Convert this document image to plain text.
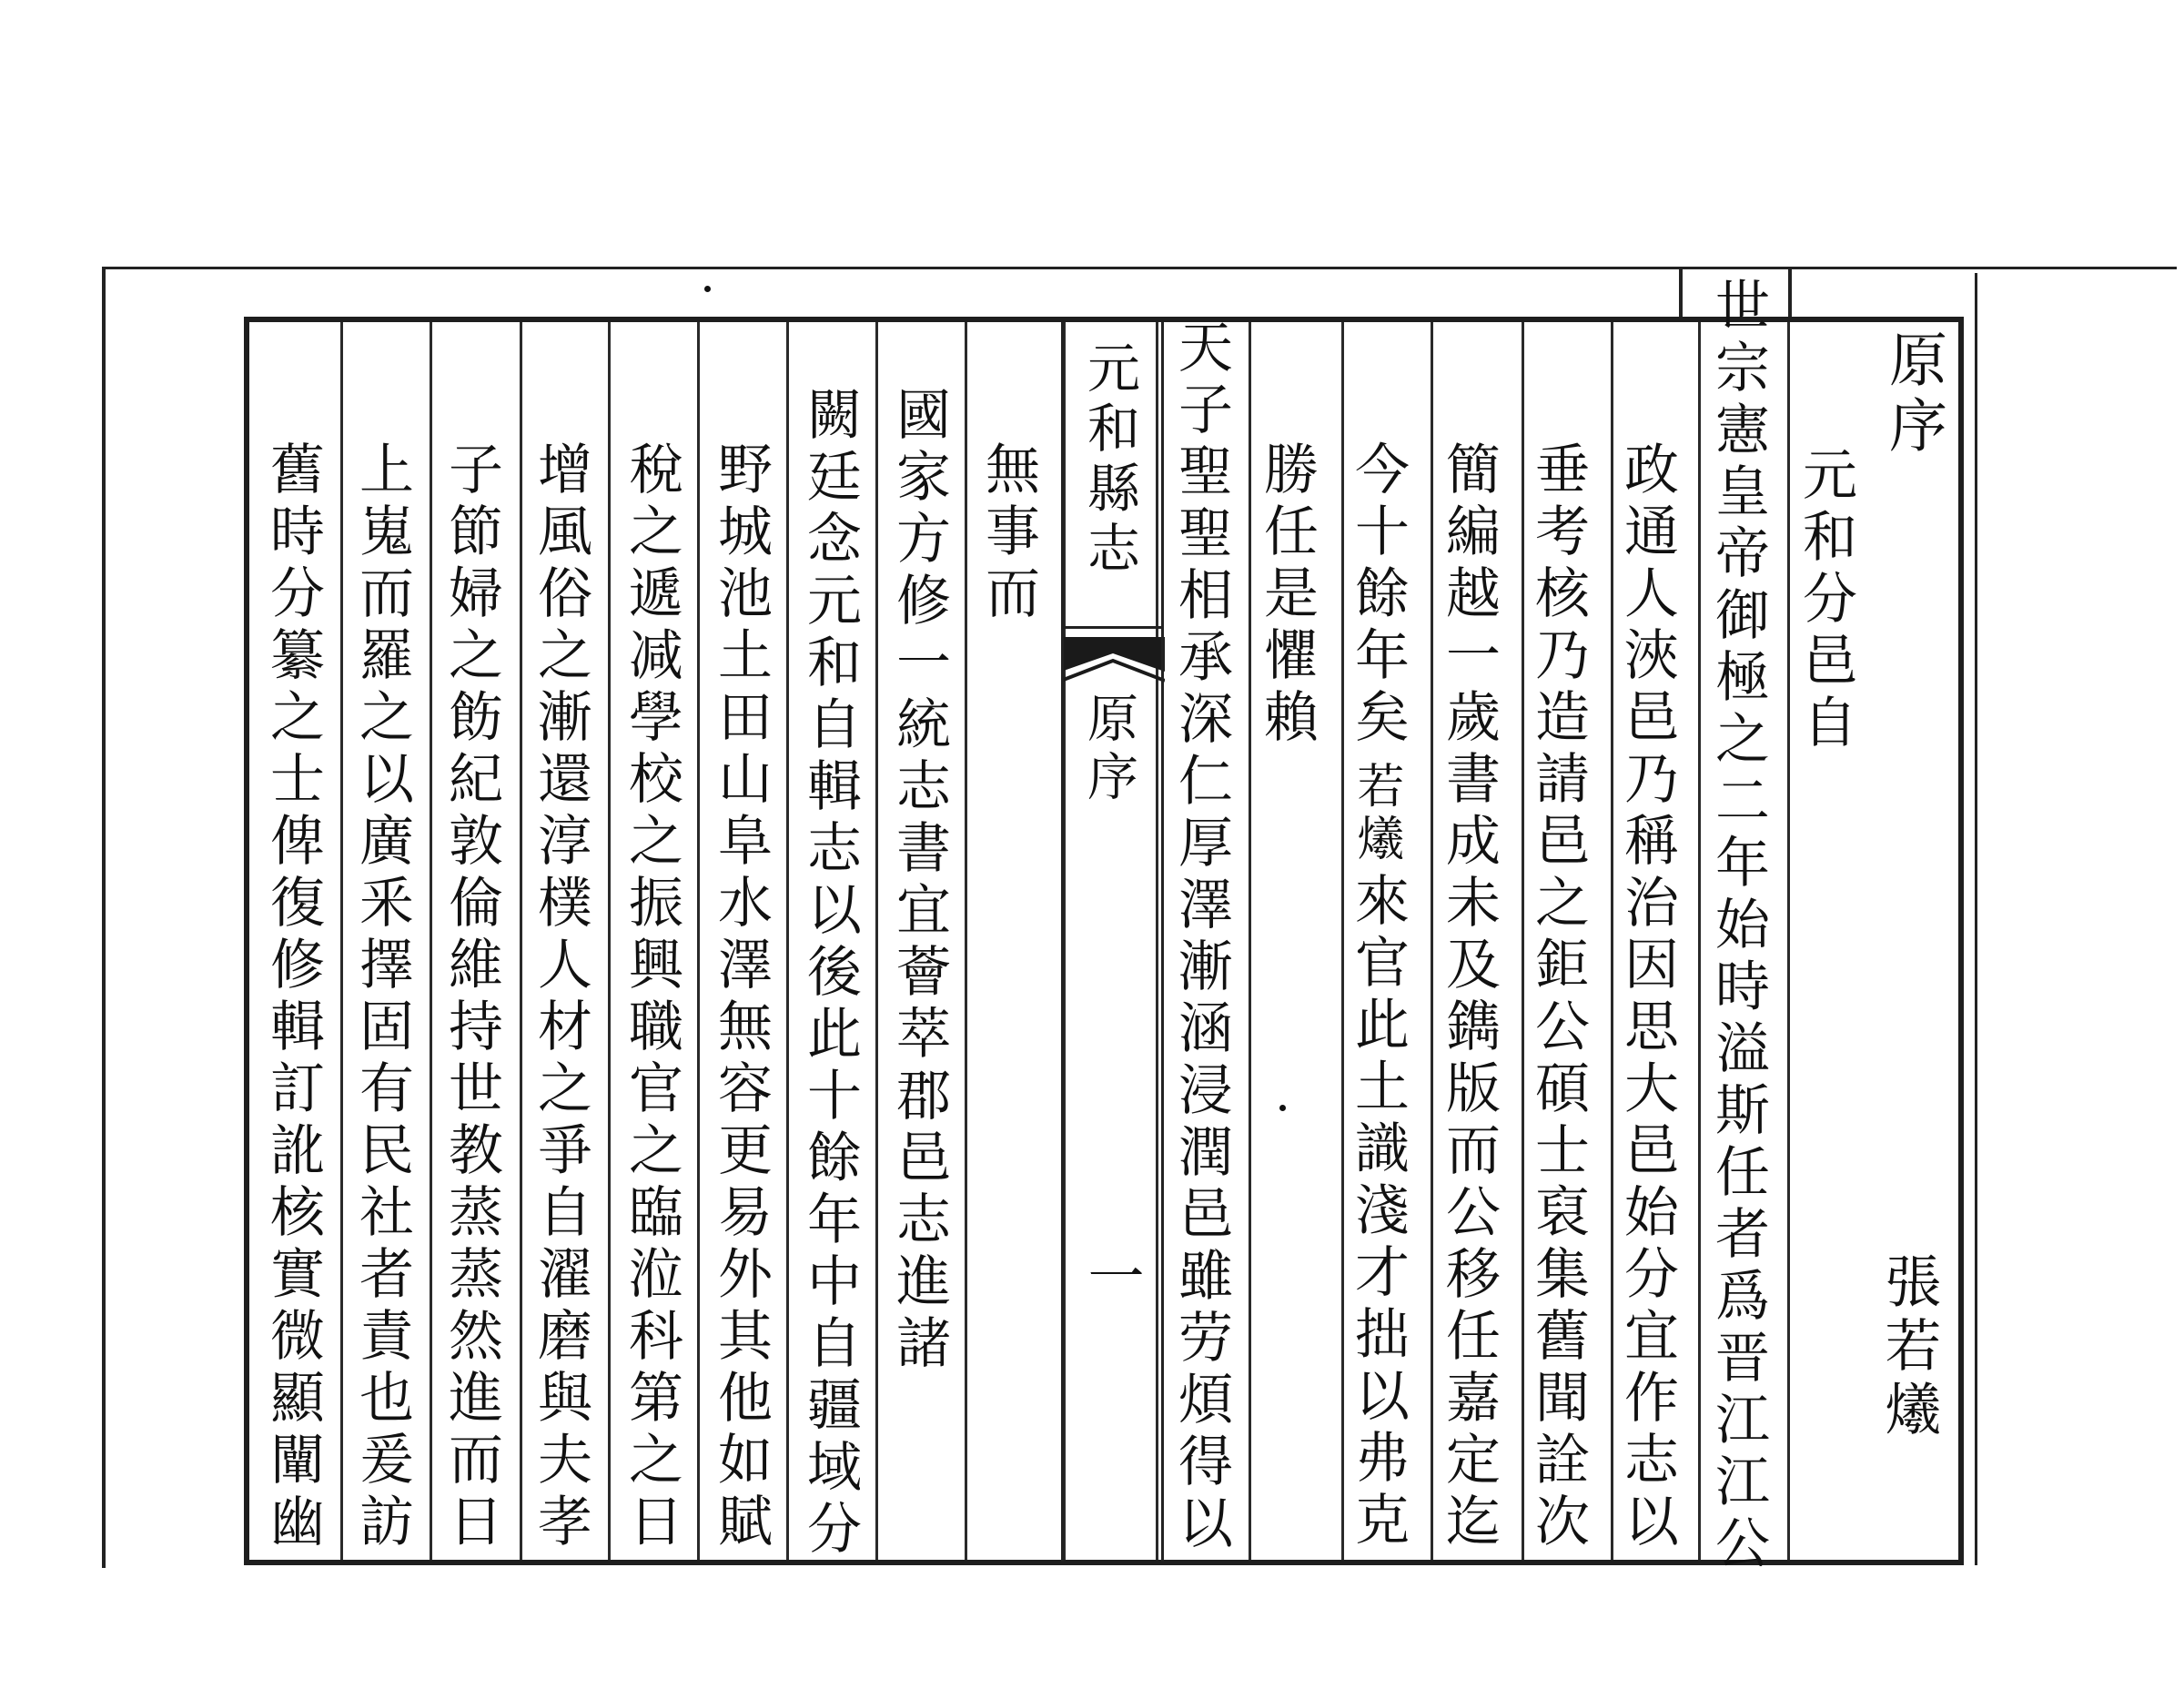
原序
元和分邑自
張若爔
世宗憲皇帝御極之二年始時溢斯任者爲晋江江公
政通人浹邑乃稱治因思大邑始分宜作志以
垂考核乃造請邑之鉅公碩士裒集舊聞詮次
簡編越一歲書成未及鐫版而公移任嘉定迄
今十餘年矣
若爔
來官此土識淺才拙以弗克
勝任是懼賴
天子聖聖相承深仁厚澤漸涵浸潤邑雖劳煩得以
元和縣志
原序
一
無事而
國家方修一統志書宜薈萃郡邑志進諸
闕廷念元和自輯志以後此十餘年中自疆域分
野城池土田山阜水澤無容更易外其他如賦
稅之遞减學校之振興職官之臨涖科第之日
增風俗之漸還淳樸人材之爭自濯磨與夫孝
子節婦之飭紀敦倫維持世教蒸蒸然進而日
上嵬而羅之以廣釆擇固有民社者責也爰訪
舊時分纂之士俾復修輯訂訛核實微顯闡幽
